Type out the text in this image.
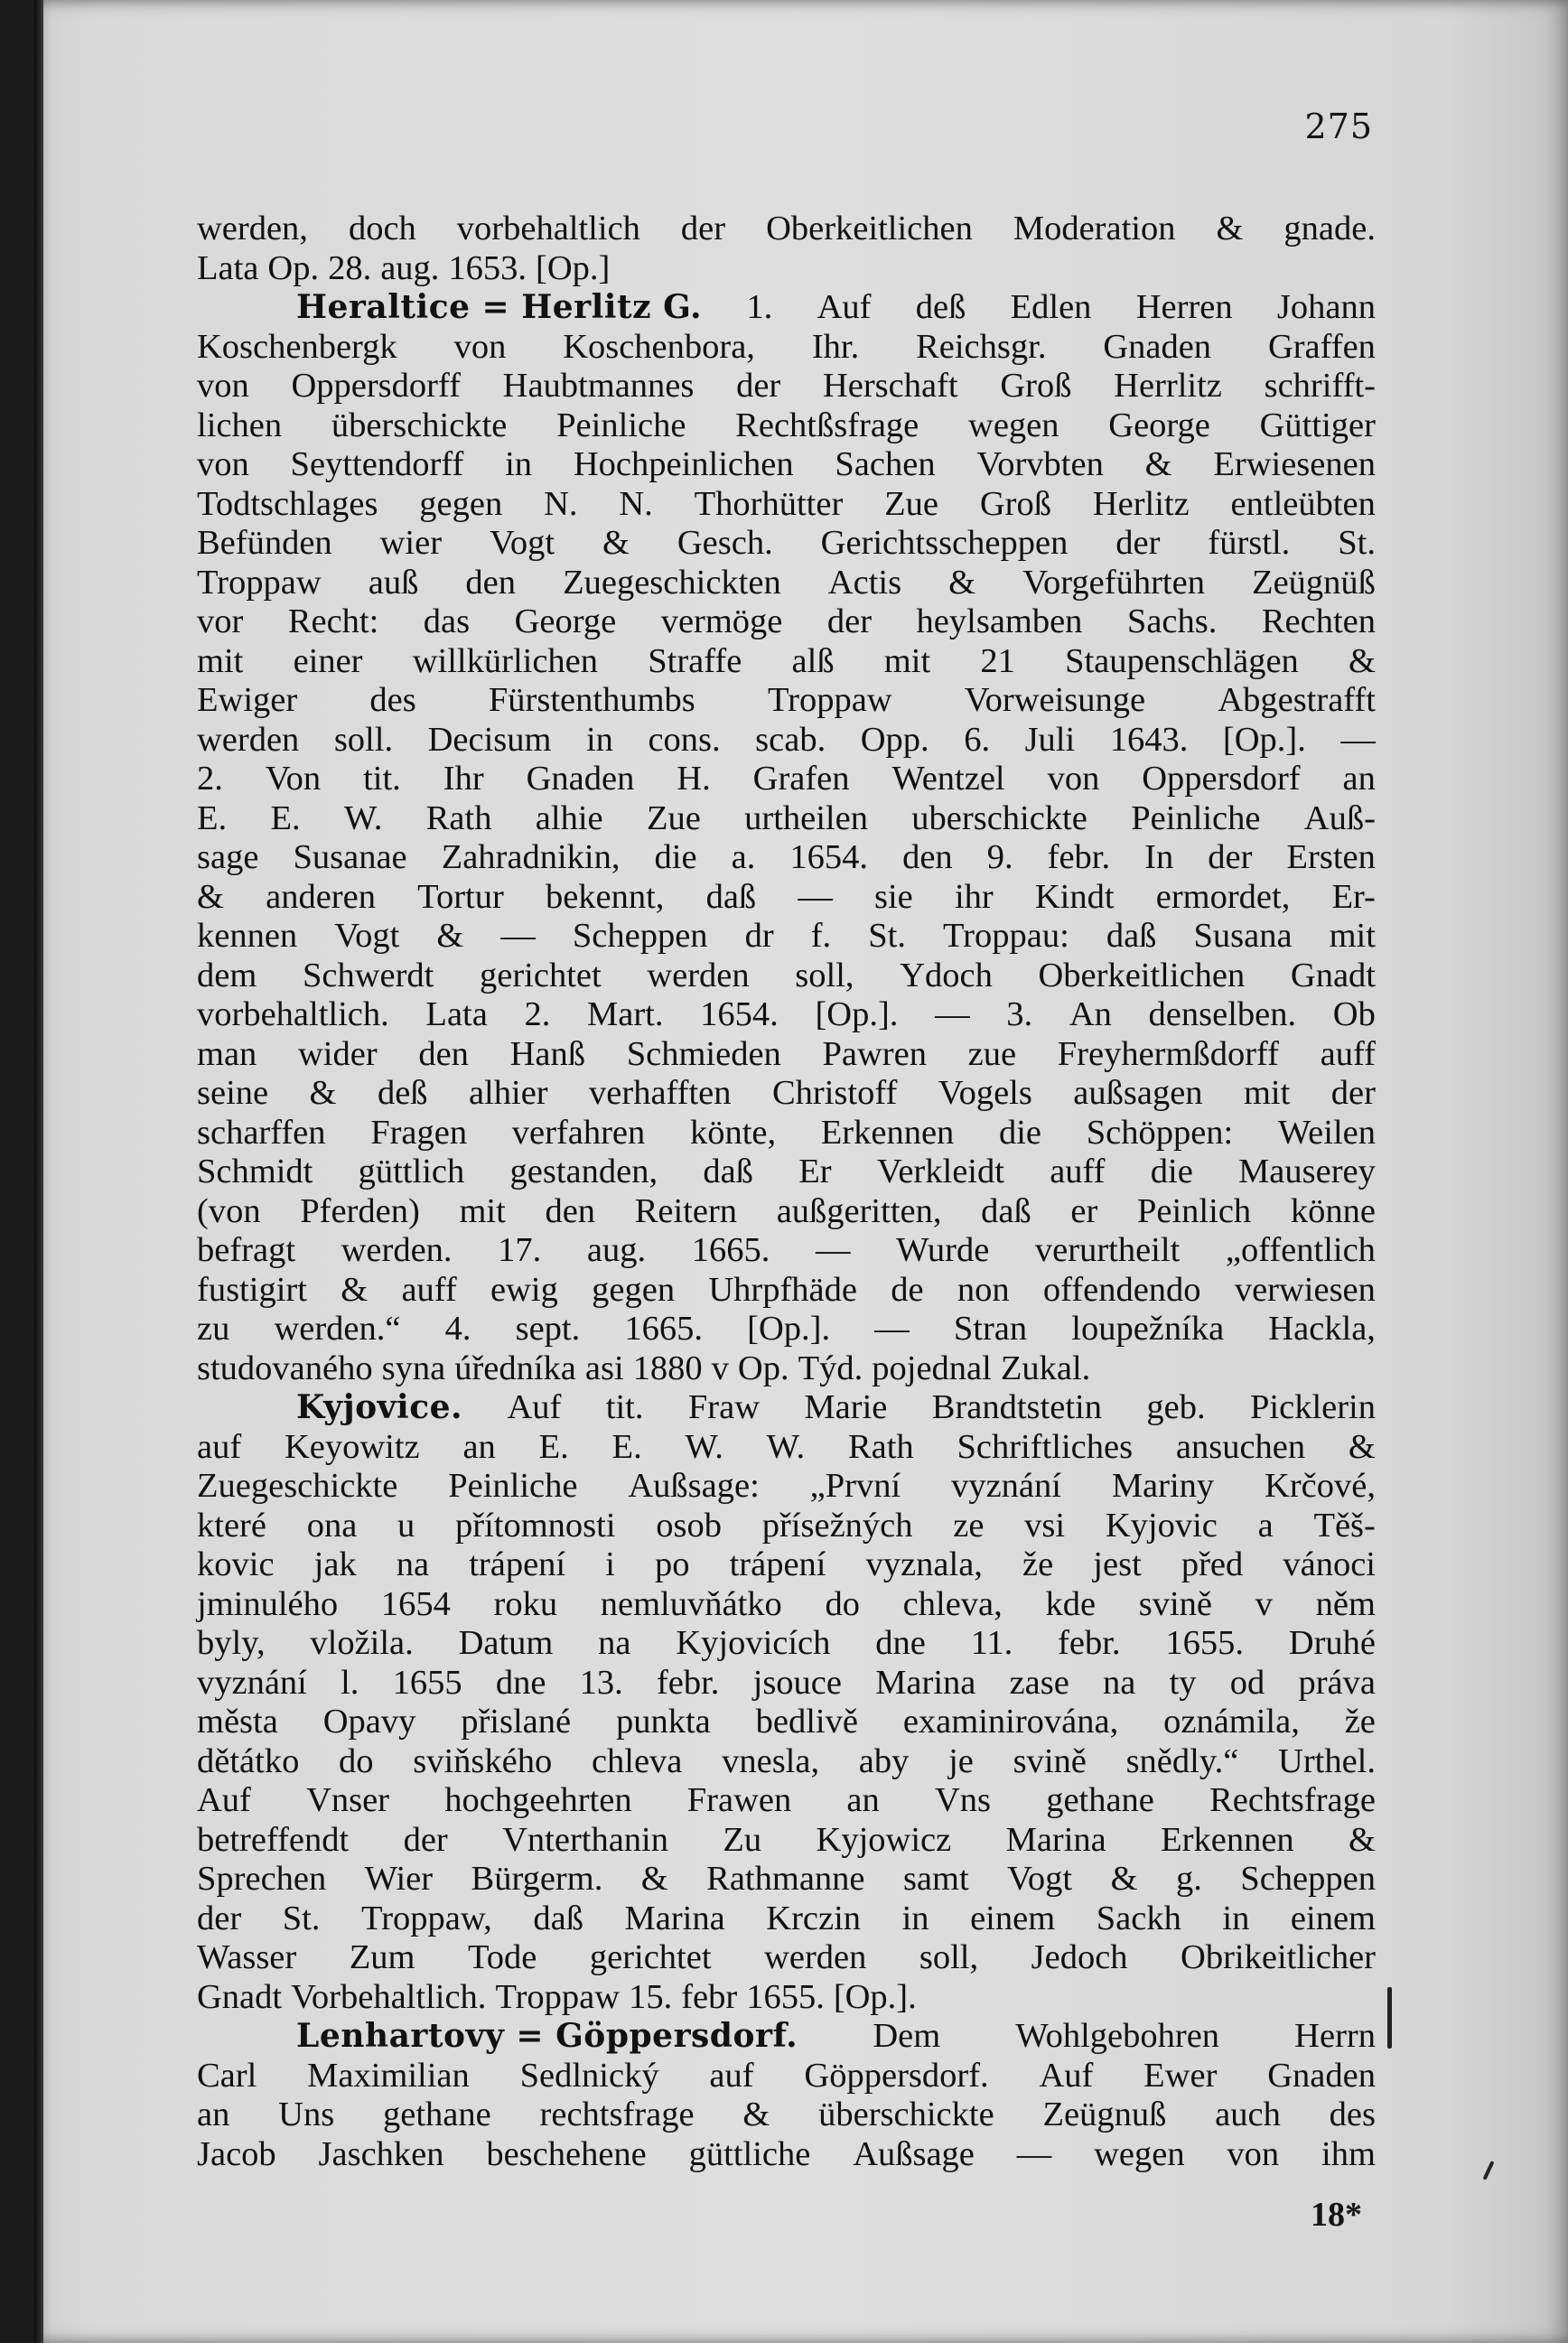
275
werden, doch vorbehaltlich der Oberkeitlichen Moderation & gnade.
Lata Op. 28. aug. 1653. [Op.]
Heraltice = Herlitz G. 1. Auf deß Edlen Herren Johann
Koschenbergk von Koschenbora, Ihr. Reichsgr. Gnaden Graffen
von Oppersdorff Haubtmannes der Herschaft Groß Herrlitz schrifft-
lichen überschickte Peinliche Rechtßsfrage wegen George Güttiger
von Seyttendorff in Hochpeinlichen Sachen Vorvbten & Erwiesenen
Todtschlages gegen N. N. Thorhütter Zue Groß Herlitz entleübten
Befünden wier Vogt & Gesch. Gerichtsscheppen der fürstl. St.
Troppaw auß den Zuegeschickten Actis & Vorgeführten Zeügnüß
vor Recht: das George vermöge der heylsamben Sachs. Rechten
mit einer willkürlichen Straffe alß mit 21 Staupenschlägen &
Ewiger des Fürstenthumbs Troppaw Vorweisunge Abgestrafft
werden soll. Decisum in cons. scab. Opp. 6. Juli 1643. [Op.]. —
2. Von tit. Ihr Gnaden H. Grafen Wentzel von Oppersdorf an
E. E. W. Rath alhie Zue urtheilen uberschickte Peinliche Auß-
sage Susanae Zahradnikin, die a. 1654. den 9. febr. In der Ersten
& anderen Tortur bekennt, daß — sie ihr Kindt ermordet, Er-
kennen Vogt & — Scheppen dr f. St. Troppau: daß Susana mit
dem Schwerdt gerichtet werden soll, Ydoch Oberkeitlichen Gnadt
vorbehaltlich. Lata 2. Mart. 1654. [Op.]. — 3. An denselben. Ob
man wider den Hanß Schmieden Pawren zue Freyhermßdorff auff
seine & deß alhier verhafften Christoff Vogels außsagen mit der
scharffen Fragen verfahren könte, Erkennen die Schöppen: Weilen
Schmidt güttlich gestanden, daß Er Verkleidt auff die Mauserey
(von Pferden) mit den Reitern außgeritten, daß er Peinlich könne
befragt werden. 17. aug. 1665. — Wurde verurtheilt „offentlich
fustigirt & auff ewig gegen Uhrpfhäde de non offendendo verwiesen
zu werden.“ 4. sept. 1665. [Op.]. — Stran loupežníka Hackla,
studovaného syna úředníka asi 1880 v Op. Týd. pojednal Zukal.
Kyjovice. Auf tit. Fraw Marie Brandtstetin geb. Picklerin
auf Keyowitz an E. E. W. W. Rath Schriftliches ansuchen &
Zuegeschickte Peinliche Außsage: „První vyznání Mariny Krčové,
které ona u přítomnosti osob přísežných ze vsi Kyjovic a Těš-
kovic jak na trápení i po trápení vyznala, že jest před vánoci
jminulého 1654 roku nemluvňátko do chleva, kde svině v něm
byly, vložila. Datum na Kyjovicích dne 11. febr. 1655. Druhé
vyznání l. 1655 dne 13. febr. jsouce Marina zase na ty od práva
města Opavy přislané punkta bedlivě examinirována, oznámila, že
dětátko do sviňského chleva vnesla, aby je svině snědly.“ Urthel.
Auf Vnser hochgeehrten Frawen an Vns gethane Rechtsfrage
betreffendt der Vnterthanin Zu Kyjowicz Marina Erkennen &
Sprechen Wier Bürgerm. & Rathmanne samt Vogt & g. Scheppen
der St. Troppaw, daß Marina Krczin in einem Sackh in einem
Wasser Zum Tode gerichtet werden soll, Jedoch Obrikeitlicher
Gnadt Vorbehaltlich. Troppaw 15. febr 1655. [Op.].
Lenhartovy = Göppersdorf. Dem Wohlgebohren Herrn
Carl Maximilian Sedlnický auf Göppersdorf. Auf Ewer Gnaden
an Uns gethane rechtsfrage & überschickte Zeügnuß auch des
Jacob Jaschken beschehene güttliche Außsage — wegen von ihm
18*
